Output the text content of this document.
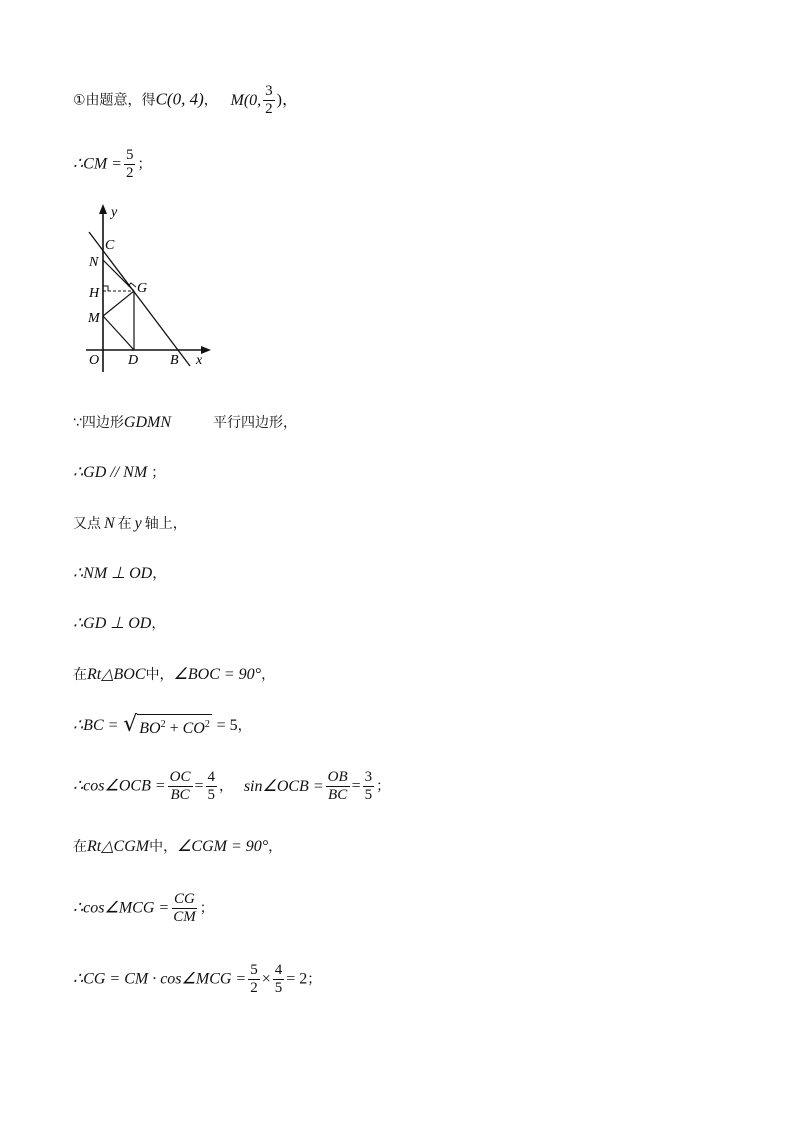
①由题意，得C(0, 4)， M(0, $\frac{3}{2}$ )，
∴CM = $\frac{5}{2}$ ；
y
x
O
C
N
H
M
G
D B
∵四边形GDMN	平行四边形，
∴GD // NM ；
又点 N 在 y 轴上，
∴NM ⊥ OD，
∴GD ⊥ OD，
在Rt△BOC中，∠BOC = 90°，
∴BC = √ $BO^2 + CO^2 = 5$，
∴cos∠OCB = $\frac{OC}{BC} = \frac{4}{5}$ ， sin∠OCB = $\frac{OB}{BC} = \frac{3}{5}$ ；
在Rt△CGM中，∠CGM = 90°，
∴cos∠MCG = $\frac{CG}{CM}$ ；
∴CG = CM · cos∠MCG = $\frac{5}{2} \times \frac{4}{5} = 2$；
